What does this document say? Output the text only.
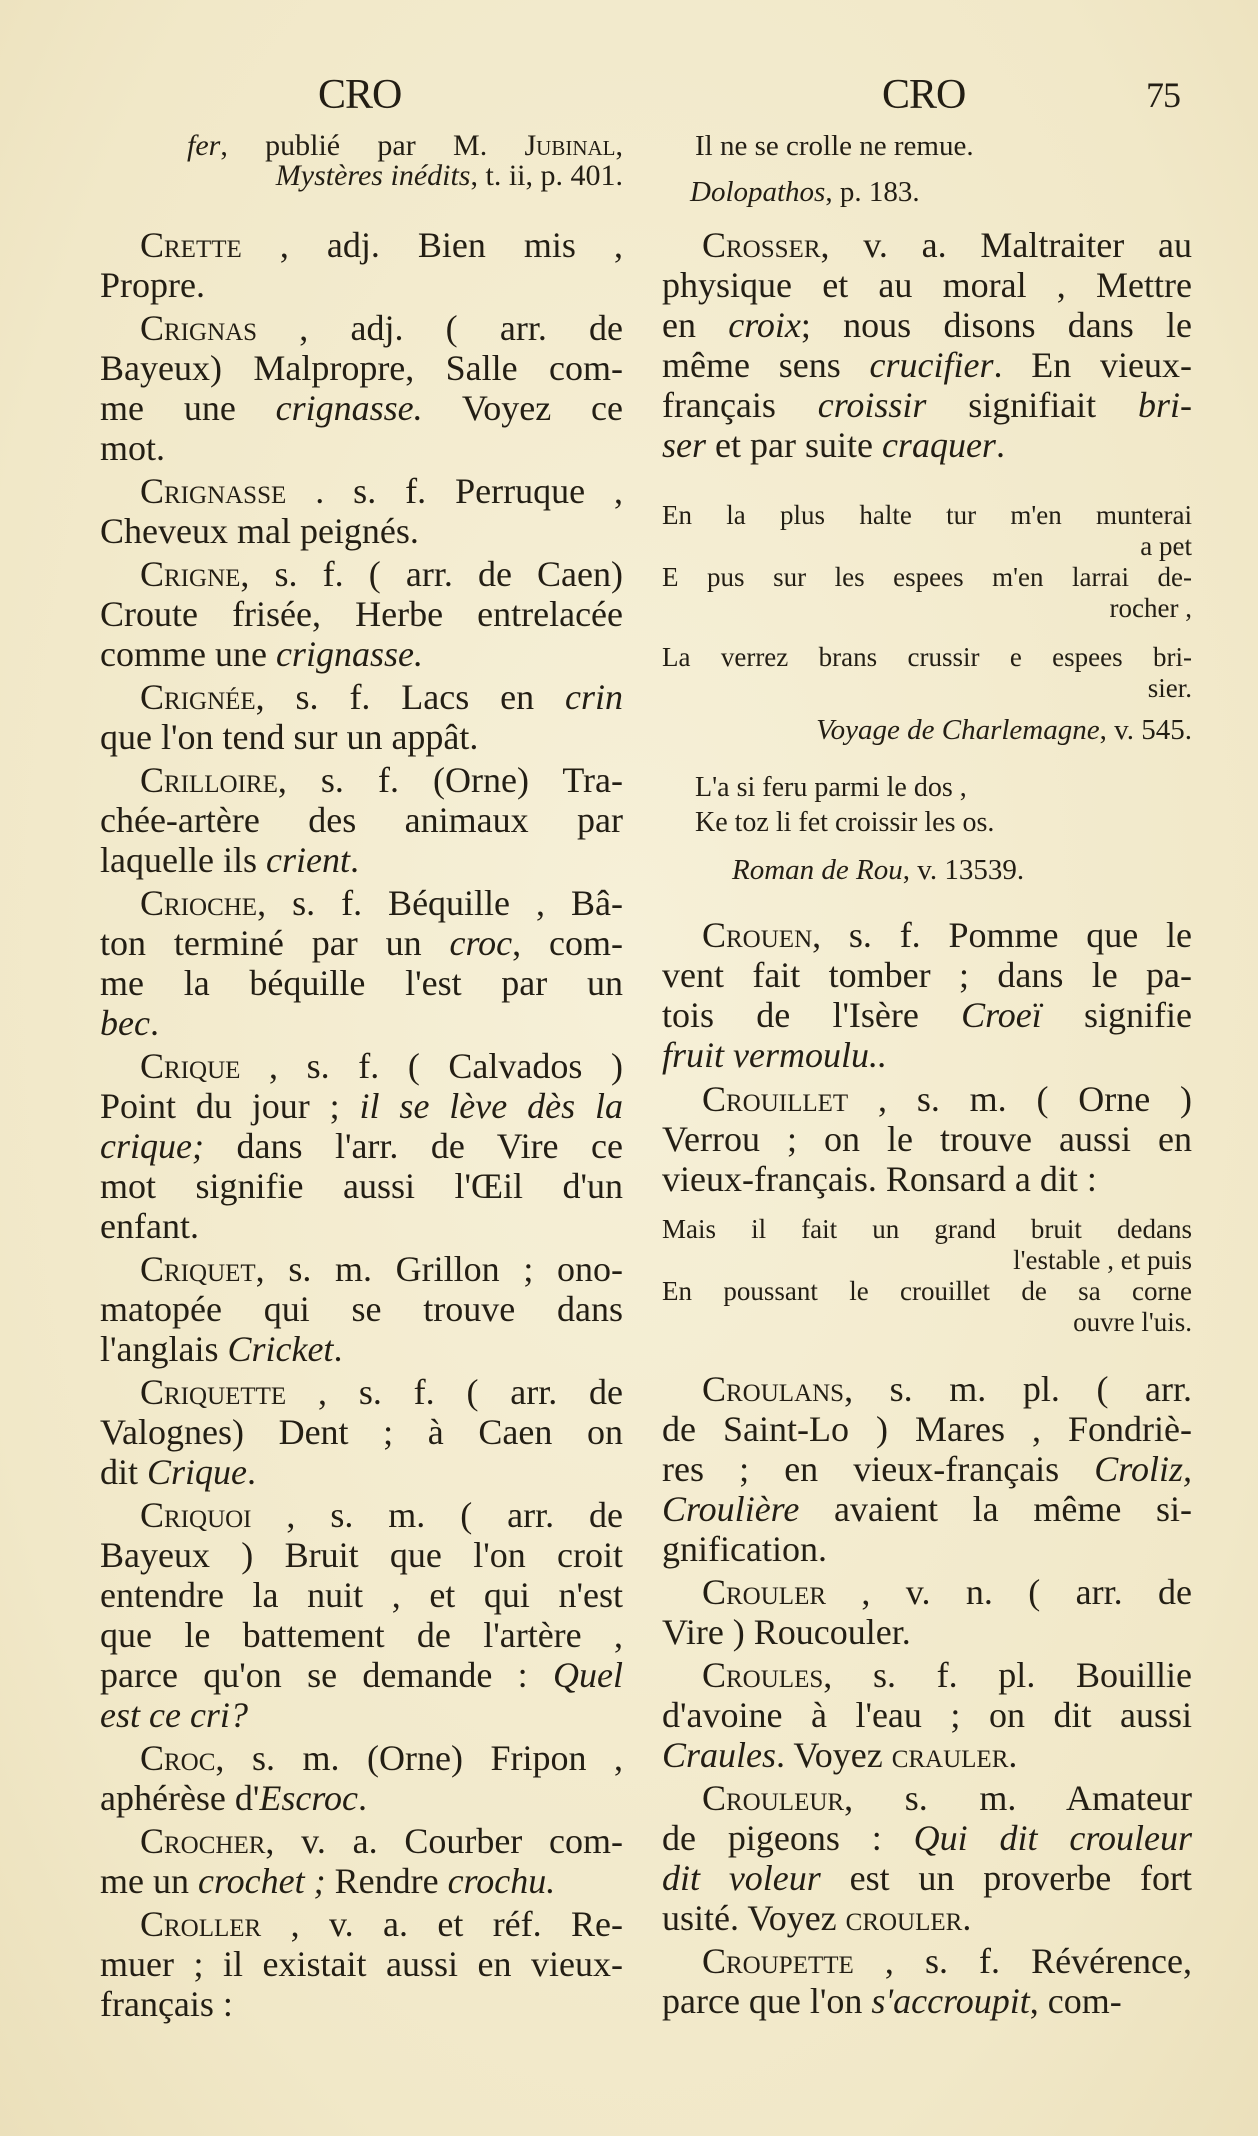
CRO	CRO	75
fer, publié par M. Jubinal,
Mystères inédits, t. ii, p. 401.
Crette , adj. Bien mis ,
Propre.
Crignas , adj. ( arr. de
Bayeux) Malpropre, Salle com-
me une crignasse. Voyez ce
mot.
Crignasse . s. f. Perruque ,
Cheveux mal peignés.
Crigne, s. f. ( arr. de Caen)
Croute frisée, Herbe entrelacée
comme une crignasse.
Crignée, s. f. Lacs en crin
que l'on tend sur un appât.
Crilloire, s. f. (Orne) Tra-
chée-artère des animaux par
laquelle ils crient.
Crioche, s. f. Béquille , Bâ-
ton terminé par un croc, com-
me la béquille l'est par un
bec.
Crique , s. f. ( Calvados )
Point du jour ; il se lève dès la
crique; dans l'arr. de Vire ce
mot signifie aussi l'Œil d'un
enfant.
Criquet, s. m. Grillon ; ono-
matopée qui se trouve dans
l'anglais Cricket.
Criquette , s. f. ( arr. de
Valognes) Dent ; à Caen on
dit Crique.
Criquoi , s. m. ( arr. de
Bayeux ) Bruit que l'on croit
entendre la nuit , et qui n'est
que le battement de l'artère ,
parce qu'on se demande : Quel
est ce cri?
Croc, s. m. (Orne) Fripon ,
aphérèse d'Escroc.
Crocher, v. a. Courber com-
me un crochet ; Rendre crochu.
Croller , v. a. et réf. Re-
muer ; il existait aussi en vieux-
français :
Il ne se crolle ne remue.
Dolopathos, p. 183.
Crosser, v. a. Maltraiter au
physique et au moral , Mettre
en croix; nous disons dans le
même sens crucifier. En vieux-
français croissir signifiait bri-
ser et par suite craquer.
En la plus halte tur m'en munterai
a pet
E pus sur les espees m'en larrai de-
rocher ,
La verrez brans crussir e espees bri-
sier.
Voyage de Charlemagne, v. 545.
L'a si feru parmi le dos ,
Ke toz li fet croissir les os.
Roman de Rou, v. 13539.
Crouen, s. f. Pomme que le
vent fait tomber ; dans le pa-
tois de l'Isère Croeï signifie
fruit vermoulu..
Crouillet , s. m. ( Orne )
Verrou ; on le trouve aussi en
vieux-français. Ronsard a dit :
Mais il fait un grand bruit dedans
l'estable , et puis
En poussant le crouillet de sa corne
ouvre l'uis.
Croulans, s. m. pl. ( arr.
de Saint-Lo ) Mares , Fondriè-
res ; en vieux-français Croliz,
Croulière avaient la même si-
gnification.
Crouler , v. n. ( arr. de
Vire ) Roucouler.
Croules, s. f. pl. Bouillie
d'avoine à l'eau ; on dit aussi
Craules. Voyez crauler.
Crouleur, s. m. Amateur
de pigeons : Qui dit crouleur
dit voleur est un proverbe fort
usité. Voyez crouler.
Croupette , s. f. Révérence,
parce que l'on s'accroupit, com-
